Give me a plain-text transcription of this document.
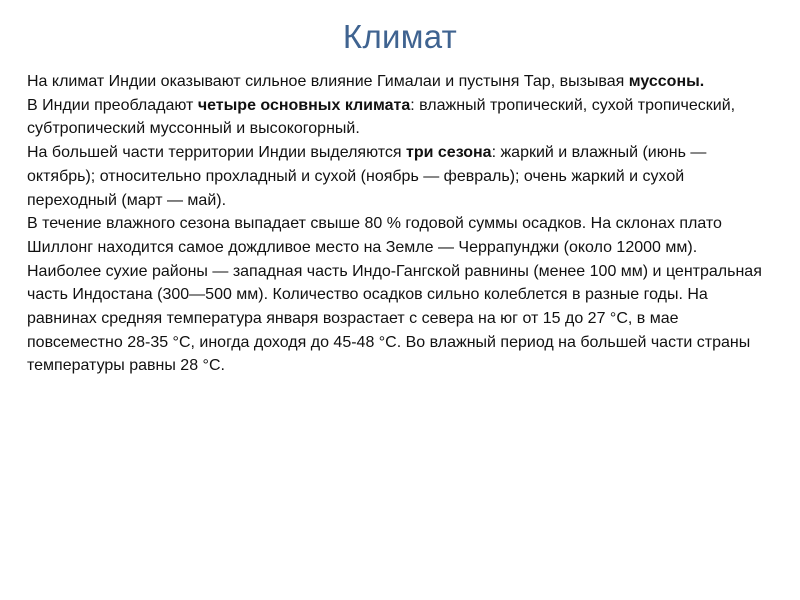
Климат

На климат Индии оказывают сильное влияние Гималаи и пустыня Тар, вызывая муссоны.

В Индии преобладают четыре основных климата: влажный тропический, сухой тропический, субтропический муссонный и высокогорный.

На большей части территории Индии выделяются три сезона: жаркий и влажный (июнь — октябрь); относительно прохладный и сухой (ноябрь — февраль); очень жаркий и сухой переходный (март — май).

В течение влажного сезона выпадает свыше 80 % годовой суммы осадков. На склонах плато Шиллонг находится самое дождливое место на Земле — Черрапунджи (около 12000 мм). Наиболее сухие районы — западная часть Индо-Гангской равнины (менее 100 мм) и центральная часть Индостана (300—500 мм). Количество осадков сильно колеблется в разные годы. На равнинах средняя температура января возрастает с севера на юг от 15 до 27 °C, в мае повсеместно 28-35 °C, иногда доходя до 45-48 °C. Во влажный период на большей части страны температуры равны 28 °C.
